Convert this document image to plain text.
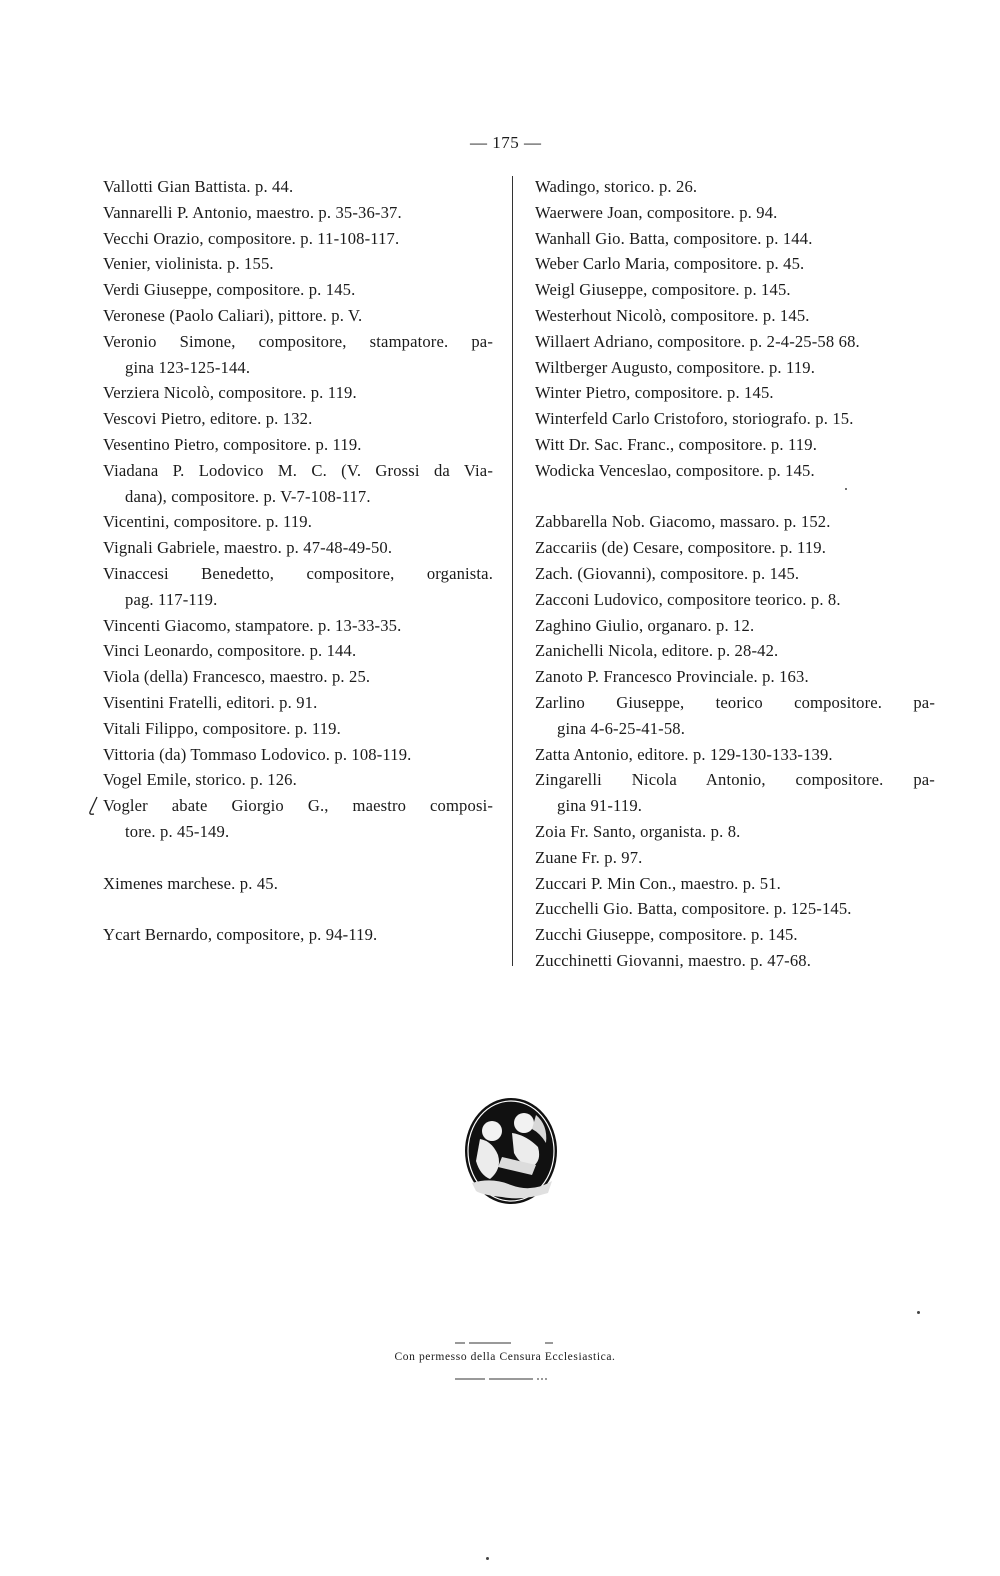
— 175 —
Vallotti Gian Battista. p. 44.
Vannarelli P. Antonio, maestro. p. 35-36-37.
Vecchi Orazio, compositore. p. 11-108-117.
Venier, violinista. p. 155.
Verdi Giuseppe, compositore. p. 145.
Veronese (Paolo Caliari), pittore. p. V.
Veronio Simone, compositore, stampatore. pa-
gina 123-125-144.
Verziera Nicolò, compositore. p. 119.
Vescovi Pietro, editore. p. 132.
Vesentino Pietro, compositore. p. 119.
Viadana P. Lodovico M. C. (V. Grossi da Via-
dana), compositore. p. V-7-108-117.
Vicentini, compositore. p. 119.
Vignali Gabriele, maestro. p. 47-48-49-50.
Vinaccesi Benedetto, compositore, organista.
pag. 117-119.
Vincenti Giacomo, stampatore. p. 13-33-35.
Vinci Leonardo, compositore. p. 144.
Viola (della) Francesco, maestro. p. 25.
Visentini Fratelli, editori. p. 91.
Vitali Filippo, compositore. p. 119.
Vittoria (da) Tommaso Lodovico. p. 108-119.
Vogel Emile, storico. p. 126.
Vogler abate Giorgio G., maestro composi-
tore. p. 45-149.
Ximenes marchese. p. 45.
Ycart Bernardo, compositore, p. 94-119.
Wadingo, storico. p. 26.
Waerwere Joan, compositore. p. 94.
Wanhall Gio. Batta, compositore. p. 144.
Weber Carlo Maria, compositore. p. 45.
Weigl Giuseppe, compositore. p. 145.
Westerhout Nicolò, compositore. p. 145.
Willaert Adriano, compositore. p. 2-4-25-58 68.
Wiltberger Augusto, compositore. p. 119.
Winter Pietro, compositore. p. 145.
Winterfeld Carlo Cristoforo, storiografo. p. 15.
Witt Dr. Sac. Franc., compositore. p. 119.
Wodicka Venceslao, compositore. p. 145.
Zabbarella Nob. Giacomo, massaro. p. 152.
Zaccariis (de) Cesare, compositore. p. 119.
Zach. (Giovanni), compositore. p. 145.
Zacconi Ludovico, compositore teorico. p. 8.
Zaghino Giulio, organaro. p. 12.
Zanichelli Nicola, editore. p. 28-42.
Zanoto P. Francesco Provinciale. p. 163.
Zarlino Giuseppe, teorico compositore. pa-
gina 4-6-25-41-58.
Zatta Antonio, editore. p. 129-130-133-139.
Zingarelli Nicola Antonio, compositore. pa-
gina 91-119.
Zoia Fr. Santo, organista. p. 8.
Zuane Fr. p. 97.
Zuccari P. Min Con., maestro. p. 51.
Zucchelli Gio. Batta, compositore. p. 125-145.
Zucchi Giuseppe, compositore. p. 145.
Zucchinetti Giovanni, maestro. p. 47-68.
Con permesso della Censura Ecclesiastica.
